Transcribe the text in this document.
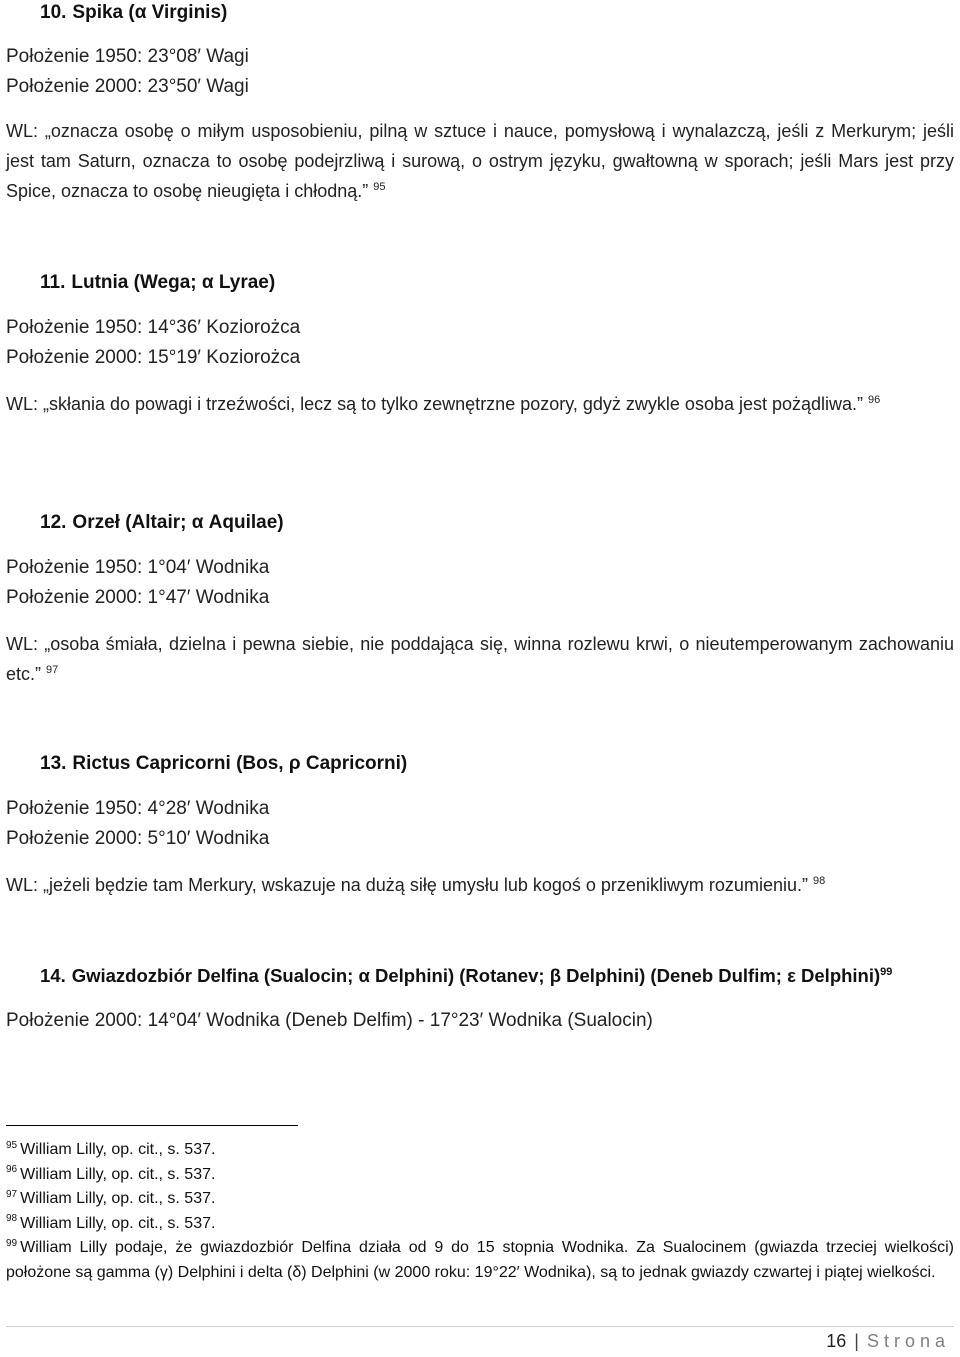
10. Spika (α Virginis)

Położenie 1950: 23°08′ Wagi

Położenie 2000: 23°50′ Wagi

WL: „oznacza osobę o miłym usposobieniu, pilną w sztuce i nauce, pomysłową i wynalazczą, jeśli z Merkurym; jeśli jest tam Saturn, oznacza to osobę podejrzliwą i surową, o ostrym języku, gwałtowną w sporach; jeśli Mars jest przy Spice, oznacza to osobę nieugięta i chłodną.” $^{95}$

11. Lutnia (Wega; α Lyrae)

Położenie 1950: 14°36′ Koziorożca

Położenie 2000: 15°19′ Koziorożca

WL: „skłania do powagi i trzeźwości, lecz są to tylko zewnętrzne pozory, gdyż zwykle osoba jest pożądliwa.” $^{96}$

12. Orzeł (Altair; α Aquilae)

Położenie 1950: 1°04′ Wodnika

Położenie 2000: 1°47′ Wodnika

WL: „osoba śmiała, dzielna i pewna siebie, nie poddająca się, winna rozlewu krwi, o nieutemperowanym zachowaniu etc.” $^{97}$

13. Rictus Capricorni (Bos, ρ Capricorni)

Położenie 1950: 4°28′ Wodnika

Położenie 2000: 5°10′ Wodnika

WL: „jeżeli będzie tam Merkury, wskazuje na dużą siłę umysłu lub kogoś o przenikliwym rozumieniu.” $^{98}$

14. Gwiazdozbiór Delfina (Sualocin; α Delphini) (Rotanev; β Delphini) (Deneb Dulfim; ε Delphini)$^{99}$

Położenie 2000: 14°04′ Wodnika (Deneb Delfim) - 17°23′ Wodnika (Sualocin)

$^{95}$ William Lilly, op. cit., s. 537.

$^{96}$ William Lilly, op. cit., s. 537.

$^{97}$ William Lilly, op. cit., s. 537.

$^{98}$ William Lilly, op. cit., s. 537.

$^{99}$ William Lilly podaje, że gwiazdozbiór Delfina działa od 9 do 15 stopnia Wodnika. Za Sualocinem (gwiazda trzeciej wielkości) położone są gamma (γ) Delphini i delta (δ) Delphini (w 2000 roku: 19°22′ Wodnika), są to jednak gwiazdy czwartej i piątej wielkości.

16 | Strona
